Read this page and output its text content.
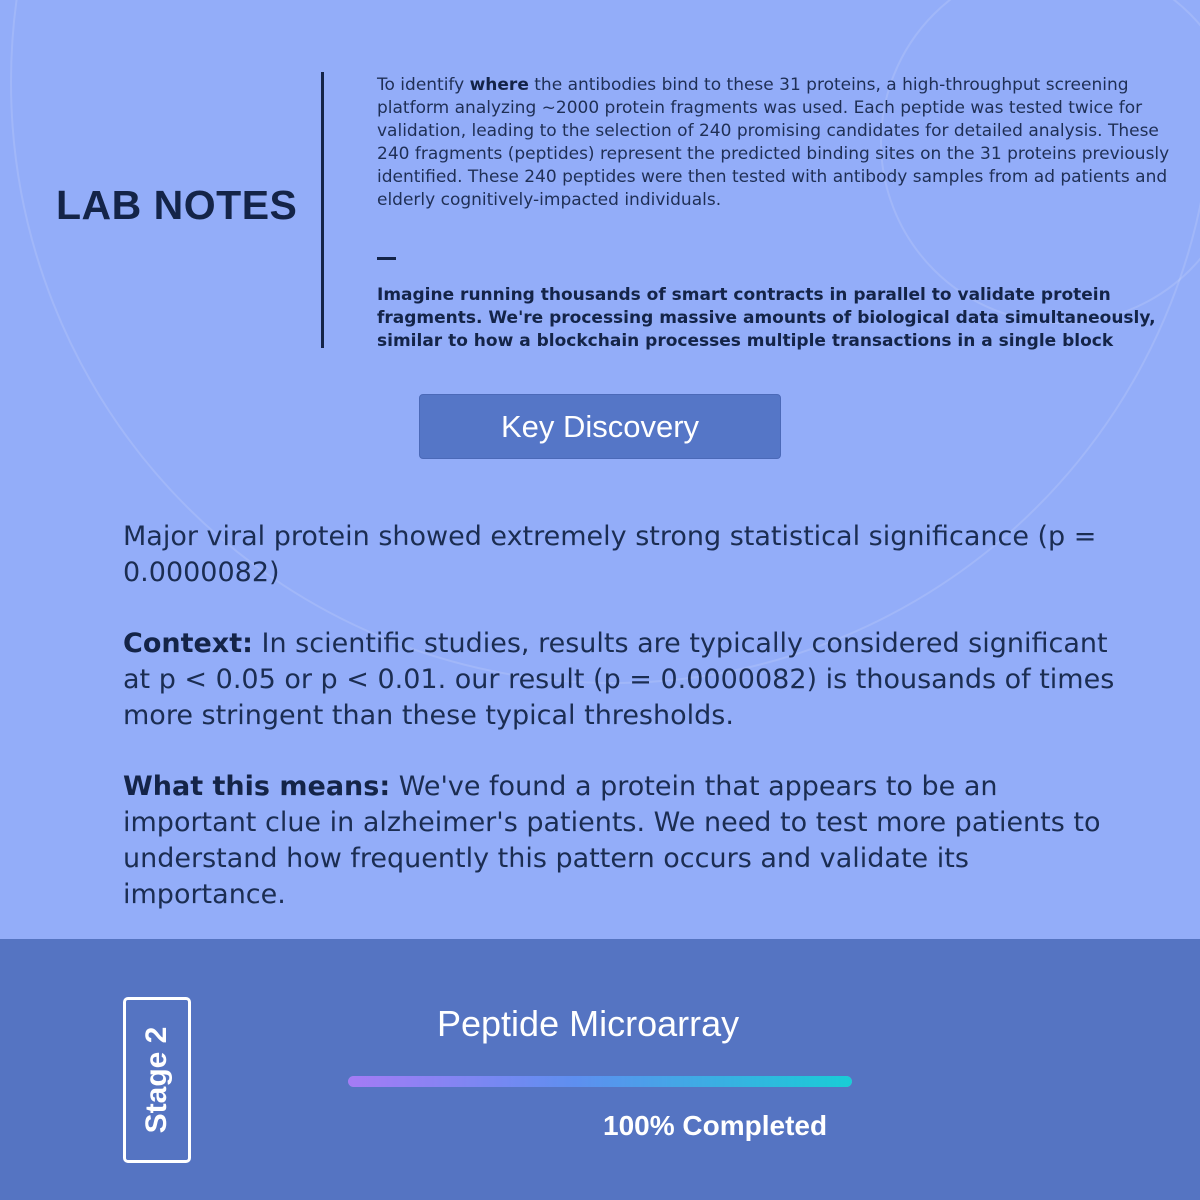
LAB NOTES
To identify where the antibodies bind to these 31 proteins, a high-throughput screening platform analyzing ~2000 protein fragments was used. Each peptide was tested twice for validation, leading to the selection of 240 promising candidates for detailed analysis. These 240 fragments (peptides) represent the predicted binding sites on the 31 proteins previously identified. These 240 peptides were then tested with antibody samples from ad patients and elderly cognitively-impacted individuals.
Imagine running thousands of smart contracts in parallel to validate protein fragments. We're processing massive amounts of biological data simultaneously, similar to how a blockchain processes multiple transactions in a single block
Key Discovery

Major viral protein showed extremely strong statistical significance (p = 0.0000082)

Context: In scientific studies, results are typically considered significant at p < 0.05 or p < 0.01. our result (p = 0.0000082) is thousands of times more stringent than these typical thresholds.

What this means: We've found a protein that appears to be an important clue in alzheimer's patients. We need to test more patients to understand how frequently this pattern occurs and validate its importance.

Stage 2
Peptide Microarray
100% Completed
